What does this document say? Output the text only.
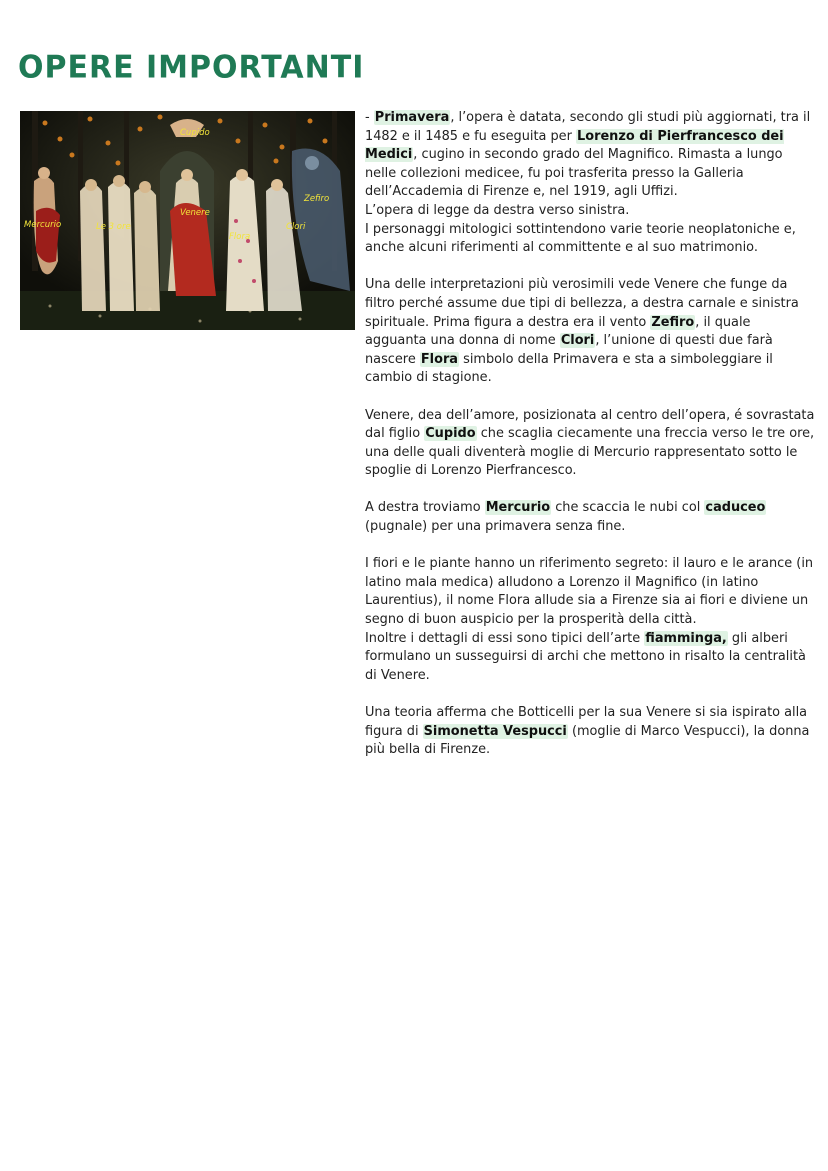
OPERE IMPORTANTI
Cupido
Mercurio	Le 3 ore
Venere
Flora
Clori
Zefiro

- Primavera, l’opera è datata, secondo gli studi più aggiornati, tra il 1482 e il 1485 e fu eseguita per Lorenzo di Pierfrancesco dei Medici, cugino in secondo grado del Magnifico. Rimasta a lungo nelle collezioni medicee, fu poi trasferita presso la Galleria dell’Accademia di Firenze e, nel 1919, agli Uffizi.

L’opera di legge da destra verso sinistra.

I personaggi mitologici sottintendono varie teorie neoplatoniche e, anche alcuni riferimenti al committente e al suo matrimonio.

Una delle interpretazioni più verosimili vede Venere che funge da filtro perché assume due tipi di bellezza, a destra carnale e sinistra spirituale. Prima figura a destra era il vento Zefiro, il quale agguanta una donna di nome Clori, l’unione di questi due farà nascere Flora simbolo della Primavera e sta a simboleggiare il cambio di stagione.

Venere, dea dell’amore, posizionata al centro dell’opera, é sovrastata dal figlio Cupido che scaglia ciecamente una freccia verso le tre ore, una delle quali diventerà moglie di Mercurio rappresentato sotto le spoglie di Lorenzo Pierfrancesco.

A destra troviamo Mercurio che scaccia le nubi col caduceo (pugnale) per una primavera senza fine.

I fiori e le piante hanno un riferimento segreto: il lauro e le arance (in latino mala medica) alludono a Lorenzo il Magnifico (in latino Laurentius), il nome Flora allude sia a Firenze sia ai fiori e diviene un segno di buon auspicio per la prosperità della città.

Inoltre i dettagli di essi sono tipici dell’arte fiamminga, gli alberi formulano un susseguirsi di archi che mettono in risalto la centralità di Venere.

Una teoria afferma che Botticelli per la sua Venere si sia ispirato alla figura di Simonetta Vespucci (moglie di Marco Vespucci), la donna più bella di Firenze.
